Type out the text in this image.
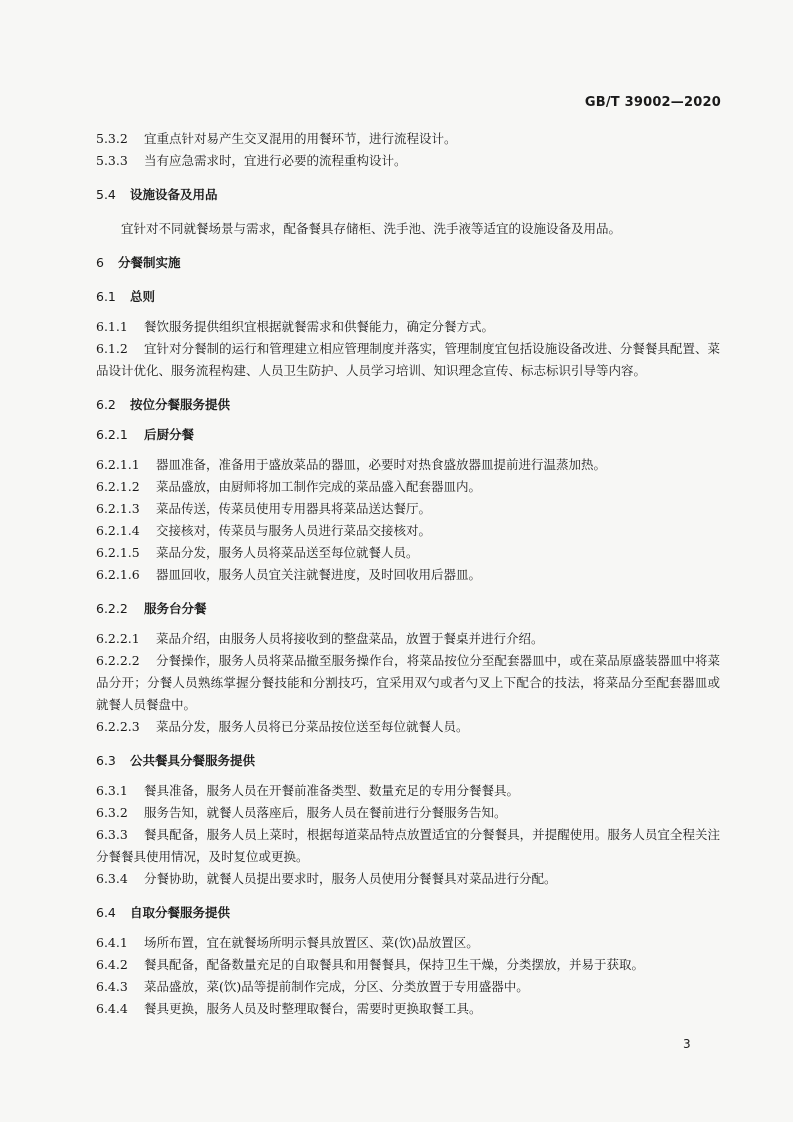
GB/T 39002—2020
5.3.2 宜重点针对易产生交叉混用的用餐环节，进行流程设计。
5.3.3 当有应急需求时，宜进行必要的流程重构设计。
5.4 设施设备及用品
宜针对不同就餐场景与需求，配备餐具存储柜、洗手池、洗手液等适宜的设施设备及用品。
6 分餐制实施
6.1 总则
6.1.1 餐饮服务提供组织宜根据就餐需求和供餐能力，确定分餐方式。
6.1.2 宜针对分餐制的运行和管理建立相应管理制度并落实，管理制度宜包括设施设备改进、分餐餐具配置、菜品设计优化、服务流程构建、人员卫生防护、人员学习培训、知识理念宣传、标志标识引导等内容。
6.2 按位分餐服务提供
6.2.1 后厨分餐
6.2.1.1 器皿准备，准备用于盛放菜品的器皿，必要时对热食盛放器皿提前进行温蒸加热。
6.2.1.2 菜品盛放，由厨师将加工制作完成的菜品盛入配套器皿内。
6.2.1.3 菜品传送，传菜员使用专用器具将菜品送达餐厅。
6.2.1.4 交接核对，传菜员与服务人员进行菜品交接核对。
6.2.1.5 菜品分发，服务人员将菜品送至每位就餐人员。
6.2.1.6 器皿回收，服务人员宜关注就餐进度，及时回收用后器皿。
6.2.2 服务台分餐
6.2.2.1 菜品介绍，由服务人员将接收到的整盘菜品，放置于餐桌并进行介绍。
6.2.2.2 分餐操作，服务人员将菜品撤至服务操作台，将菜品按位分至配套器皿中，或在菜品原盛装器皿中将菜品分开；分餐人员熟练掌握分餐技能和分割技巧，宜采用双勺或者勺叉上下配合的技法，将菜品分至配套器皿或就餐人员餐盘中。
6.2.2.3 菜品分发，服务人员将已分菜品按位送至每位就餐人员。
6.3 公共餐具分餐服务提供
6.3.1 餐具准备，服务人员在开餐前准备类型、数量充足的专用分餐餐具。
6.3.2 服务告知，就餐人员落座后，服务人员在餐前进行分餐服务告知。
6.3.3 餐具配备，服务人员上菜时，根据每道菜品特点放置适宜的分餐餐具，并提醒使用。服务人员宜全程关注分餐餐具使用情况，及时复位或更换。
6.3.4 分餐协助，就餐人员提出要求时，服务人员使用分餐餐具对菜品进行分配。
6.4 自取分餐服务提供
6.4.1 场所布置，宜在就餐场所明示餐具放置区、菜(饮)品放置区。
6.4.2 餐具配备，配备数量充足的自取餐具和用餐餐具，保持卫生干燥，分类摆放，并易于获取。
6.4.3 菜品盛放，菜(饮)品等提前制作完成，分区、分类放置于专用盛器中。
6.4.4 餐具更换，服务人员及时整理取餐台，需要时更换取餐工具。
3
